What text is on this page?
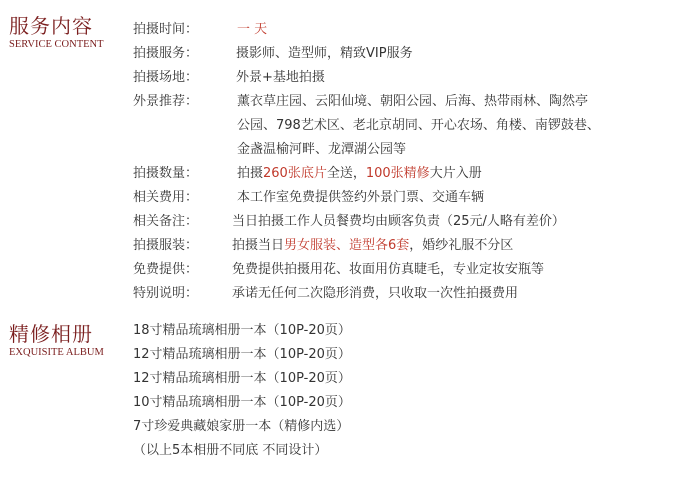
服务内容
SERVICE CONTENT
拍摄时间：	一 天
拍摄服务：	摄影师、造型师，精致VIP服务
拍摄场地：	外景+基地拍摄
外景推荐：	薰衣草庄园、云阳仙境、朝阳公园、后海、热带雨林、陶然亭
公园、798艺术区、老北京胡同、开心农场、角楼、南锣鼓巷、
金盏温榆河畔、龙潭湖公园等
拍摄数量：	拍摄260张底片全送，100张精修大片入册
相关费用：	本工作室免费提供签约外景门票、交通车辆
相关备注：	当日拍摄工作人员餐费均由顾客负责（25元/人略有差价）
拍摄服装：	拍摄当日男女服装、造型各6套，婚纱礼服不分区
免费提供：	免费提供拍摄用花、妆面用仿真睫毛，专业定妆安瓶等
特别说明：	承诺无任何二次隐形消费，只收取一次性拍摄费用
精修相册
EXQUISITE ALBUM
18寸精品琉璃相册一本（10P-20页）
12寸精品琉璃相册一本（10P-20页）
12寸精品琉璃相册一本（10P-20页）
10寸精品琉璃相册一本（10P-20页）
7寸珍爱典藏娘家册一本（精修内选）
（以上5本相册不同底 不同设计）
